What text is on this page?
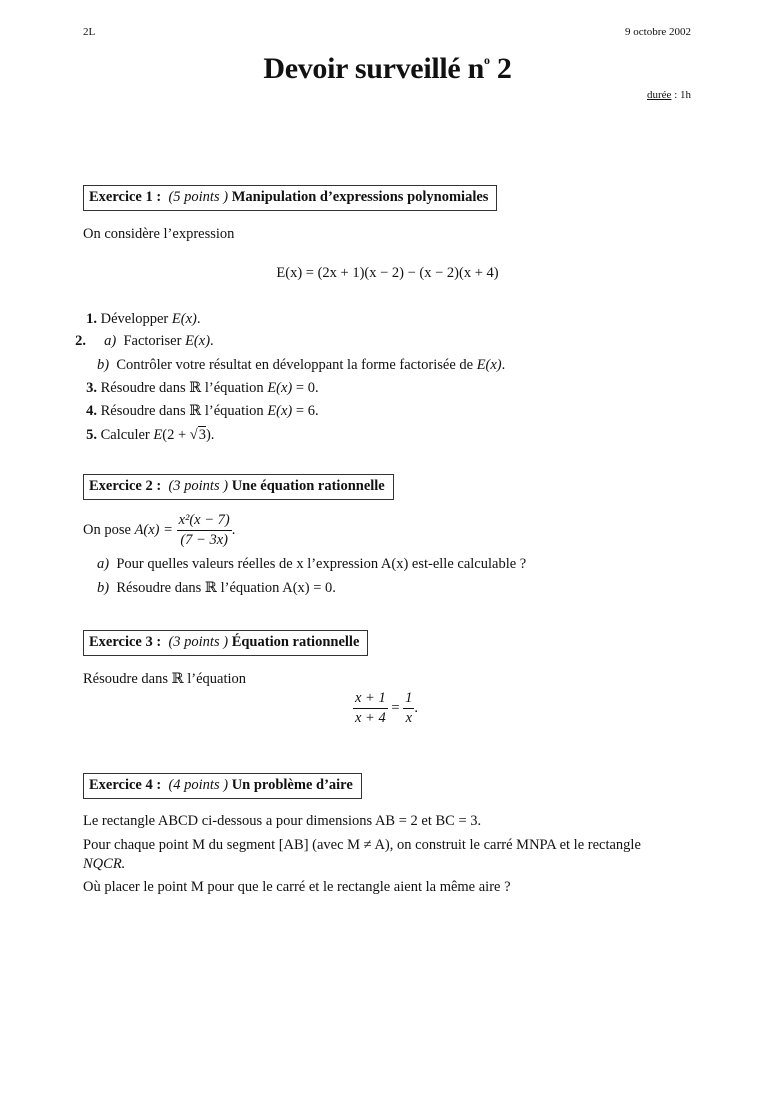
2L	9 octobre 2002
Devoir surveillé $n^o$ 2
durée : 1h
Exercice 1 : (5 points ) Manipulation d’expressions polynomiales
On considère l’expression
E(x) = (2x + 1)(x − 2) − (x − 2)(x + 4)
1. Développer E(x).
2. a) Factoriser E(x).
b) Contrôler votre résultat en développant la forme factorisée de E(x).
3. Résoudre dans ℝ l’équation E(x) = 0.
4. Résoudre dans ℝ l’équation E(x) = 6.
5. Calculer E(2 + √3).
Exercice 2 : (3 points ) Une équation rationnelle
On pose $A(x) = \frac{\text{x²(x − 7)}}{(7 - 3x)}$ .
a) Pour quelles valeurs réelles de x l’expression A(x) est-elle calculable ?
b) Résoudre dans ℝ l’équation A(x) = 0.
Exercice 3 : (3 points ) Équation rationnelle
Résoudre dans ℝ l’équation
$\frac{x + 1}{x + 4} = \frac{1}{x}$ .
Exercice 4 : (4 points ) Un problème d’aire
Le rectangle ABCD ci-dessous a pour dimensions AB = 2 et BC = 3.
Pour chaque point M du segment [AB] (avec M ≠ A), on construit le carré MNPA et le rectangle
NQCR.
Où placer le point M pour que le carré et le rectangle aient la même aire ?
